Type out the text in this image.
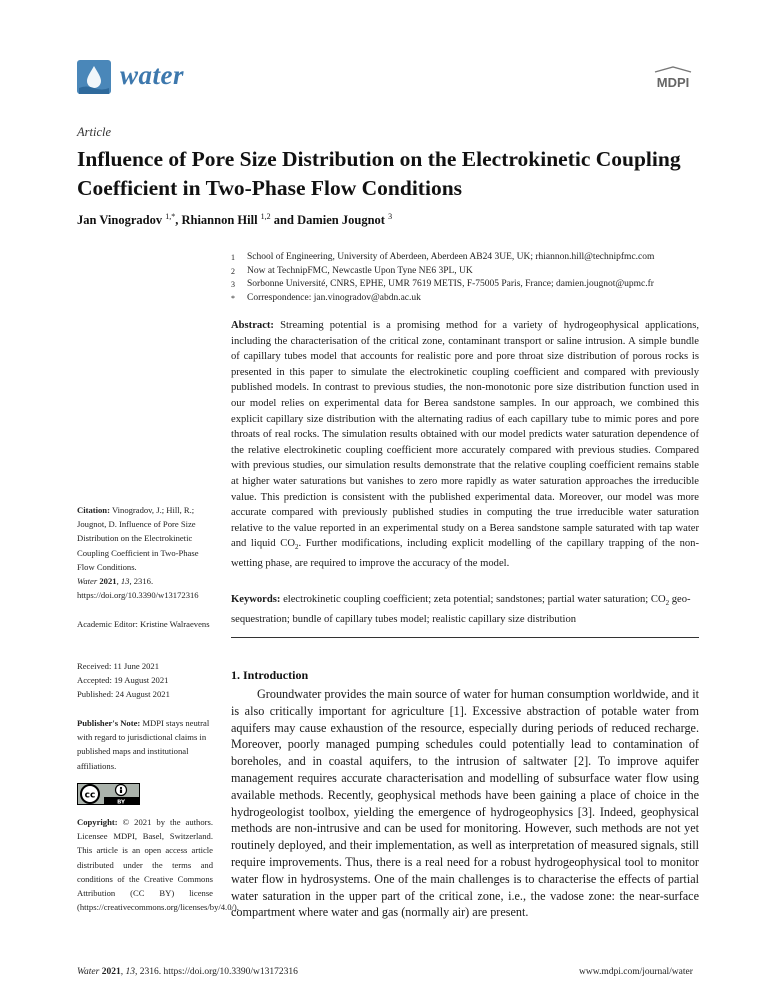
water	MDPI
Article
Influence of Pore Size Distribution on the Electrokinetic Coupling Coefficient in Two-Phase Flow Conditions
Jan Vinogradov $^{1,*}$, Rhiannon Hill $^{1,2}$ and Damien Jougnot $^3$
1	School of Engineering, University of Aberdeen, Aberdeen AB24 3UE, UK; rhiannon.hill@technipfmc.com
2	Now at TechnipFMC, Newcastle Upon Tyne NE6 3PL, UK
3	Sorbonne Université, CNRS, EPHE, UMR 7619 METIS, F-75005 Paris, France; damien.jougnot@upmc.fr
*	Correspondence: jan.vinogradov@abdn.ac.uk
Abstract: Streaming potential is a promising method for a variety of hydrogeophysical applications, including the characterisation of the critical zone, contaminant transport or saline intrusion. A simple bundle of capillary tubes model that accounts for realistic pore and pore throat size distribution of porous rocks is presented in this paper to simulate the electrokinetic coupling coefficient and compared with previously published models. In contrast to previous studies, the non-monotonic pore size distribution function used in our model relies on experimental data for Berea sandstone samples. In our approach, we combined this explicit capillary size distribution with the alternating radius of each capillary tube to mimic pores and pore throats of real rocks. The simulation results obtained with our model predicts water saturation dependence of the relative electrokinetic coupling coefficient more accurately compared with previous studies. Compared with previous studies, our simulation results demonstrate that the relative coupling coefficient remains stable at higher water saturations but vanishes to zero more rapidly as water saturation approaches the irreducible value. This prediction is consistent with the published experimental data. Moreover, our model was more accurate compared with previously published studies in computing the true irreducible water saturation relative to the value reported in an experimental study on a Berea sandstone sample saturated with tap water and liquid $CO_2$. Further modifications, including explicit modelling of the capillary trapping of the non-wetting phase, are required to improve the accuracy of the model.
Keywords: electrokinetic coupling coefficient; zeta potential; sandstones; partial water saturation; $CO_2$ geo-sequestration; bundle of capillary tubes model; realistic capillary size distribution
1. Introduction
Groundwater provides the main source of water for human consumption worldwide, and it is also critically important for agriculture [1]. Excessive abstraction of potable water from aquifers may cause exhaustion of the resource, especially during periods of reduced recharge. Moreover, poorly managed pumping schedules could potentially lead to contamination of boreholes, and in coastal aquifers, to the intrusion of saltwater [2]. To improve aquifer management requires accurate characterisation and modelling of subsurface water flow using available methods. Recently, geophysical methods have been gaining a place of choice in the hydrogeologist toolbox, yielding the emergence of hydrogeophysics [3]. Indeed, geophysical methods are non-intrusive and can be used for monitoring. However, such methods are not yet routinely deployed, and their implementation, as well as interpretation of measured signals, still require improvements. Thus, there is a real need for a robust hydrogeophysical tool to monitor water flow in hydrosystems. One of the main challenges is to characterise the effects of partial water saturation in the upper part of the critical zone, i.e., the vadose zone: the near-surface compartment where water and gas (normally air) are present.
Citation: Vinogradov, J.; Hill, R.; Jougnot, D. Influence of Pore Size Distribution on the Electrokinetic Coupling Coefficient in Two-Phase Flow Conditions.
Water 2021, 13, 2316.
https://doi.org/10.3390/w13172316
Academic Editor: Kristine Walraevens
Received: 11 June 2021
Accepted: 19 August 2021
Published: 24 August 2021
Publisher's Note: MDPI stays neutral with regard to jurisdictional claims in published maps and institutional affiliations.
cc
BY
Copyright: © 2021 by the authors. Licensee MDPI, Basel, Switzerland. This article is an open access article distributed under the terms and conditions of the Creative Commons Attribution (CC BY) license (https://creativecommons.org/licenses/by/4.0/).
Water 2021, 13, 2316. https://doi.org/10.3390/w13172316	www.mdpi.com/journal/water
